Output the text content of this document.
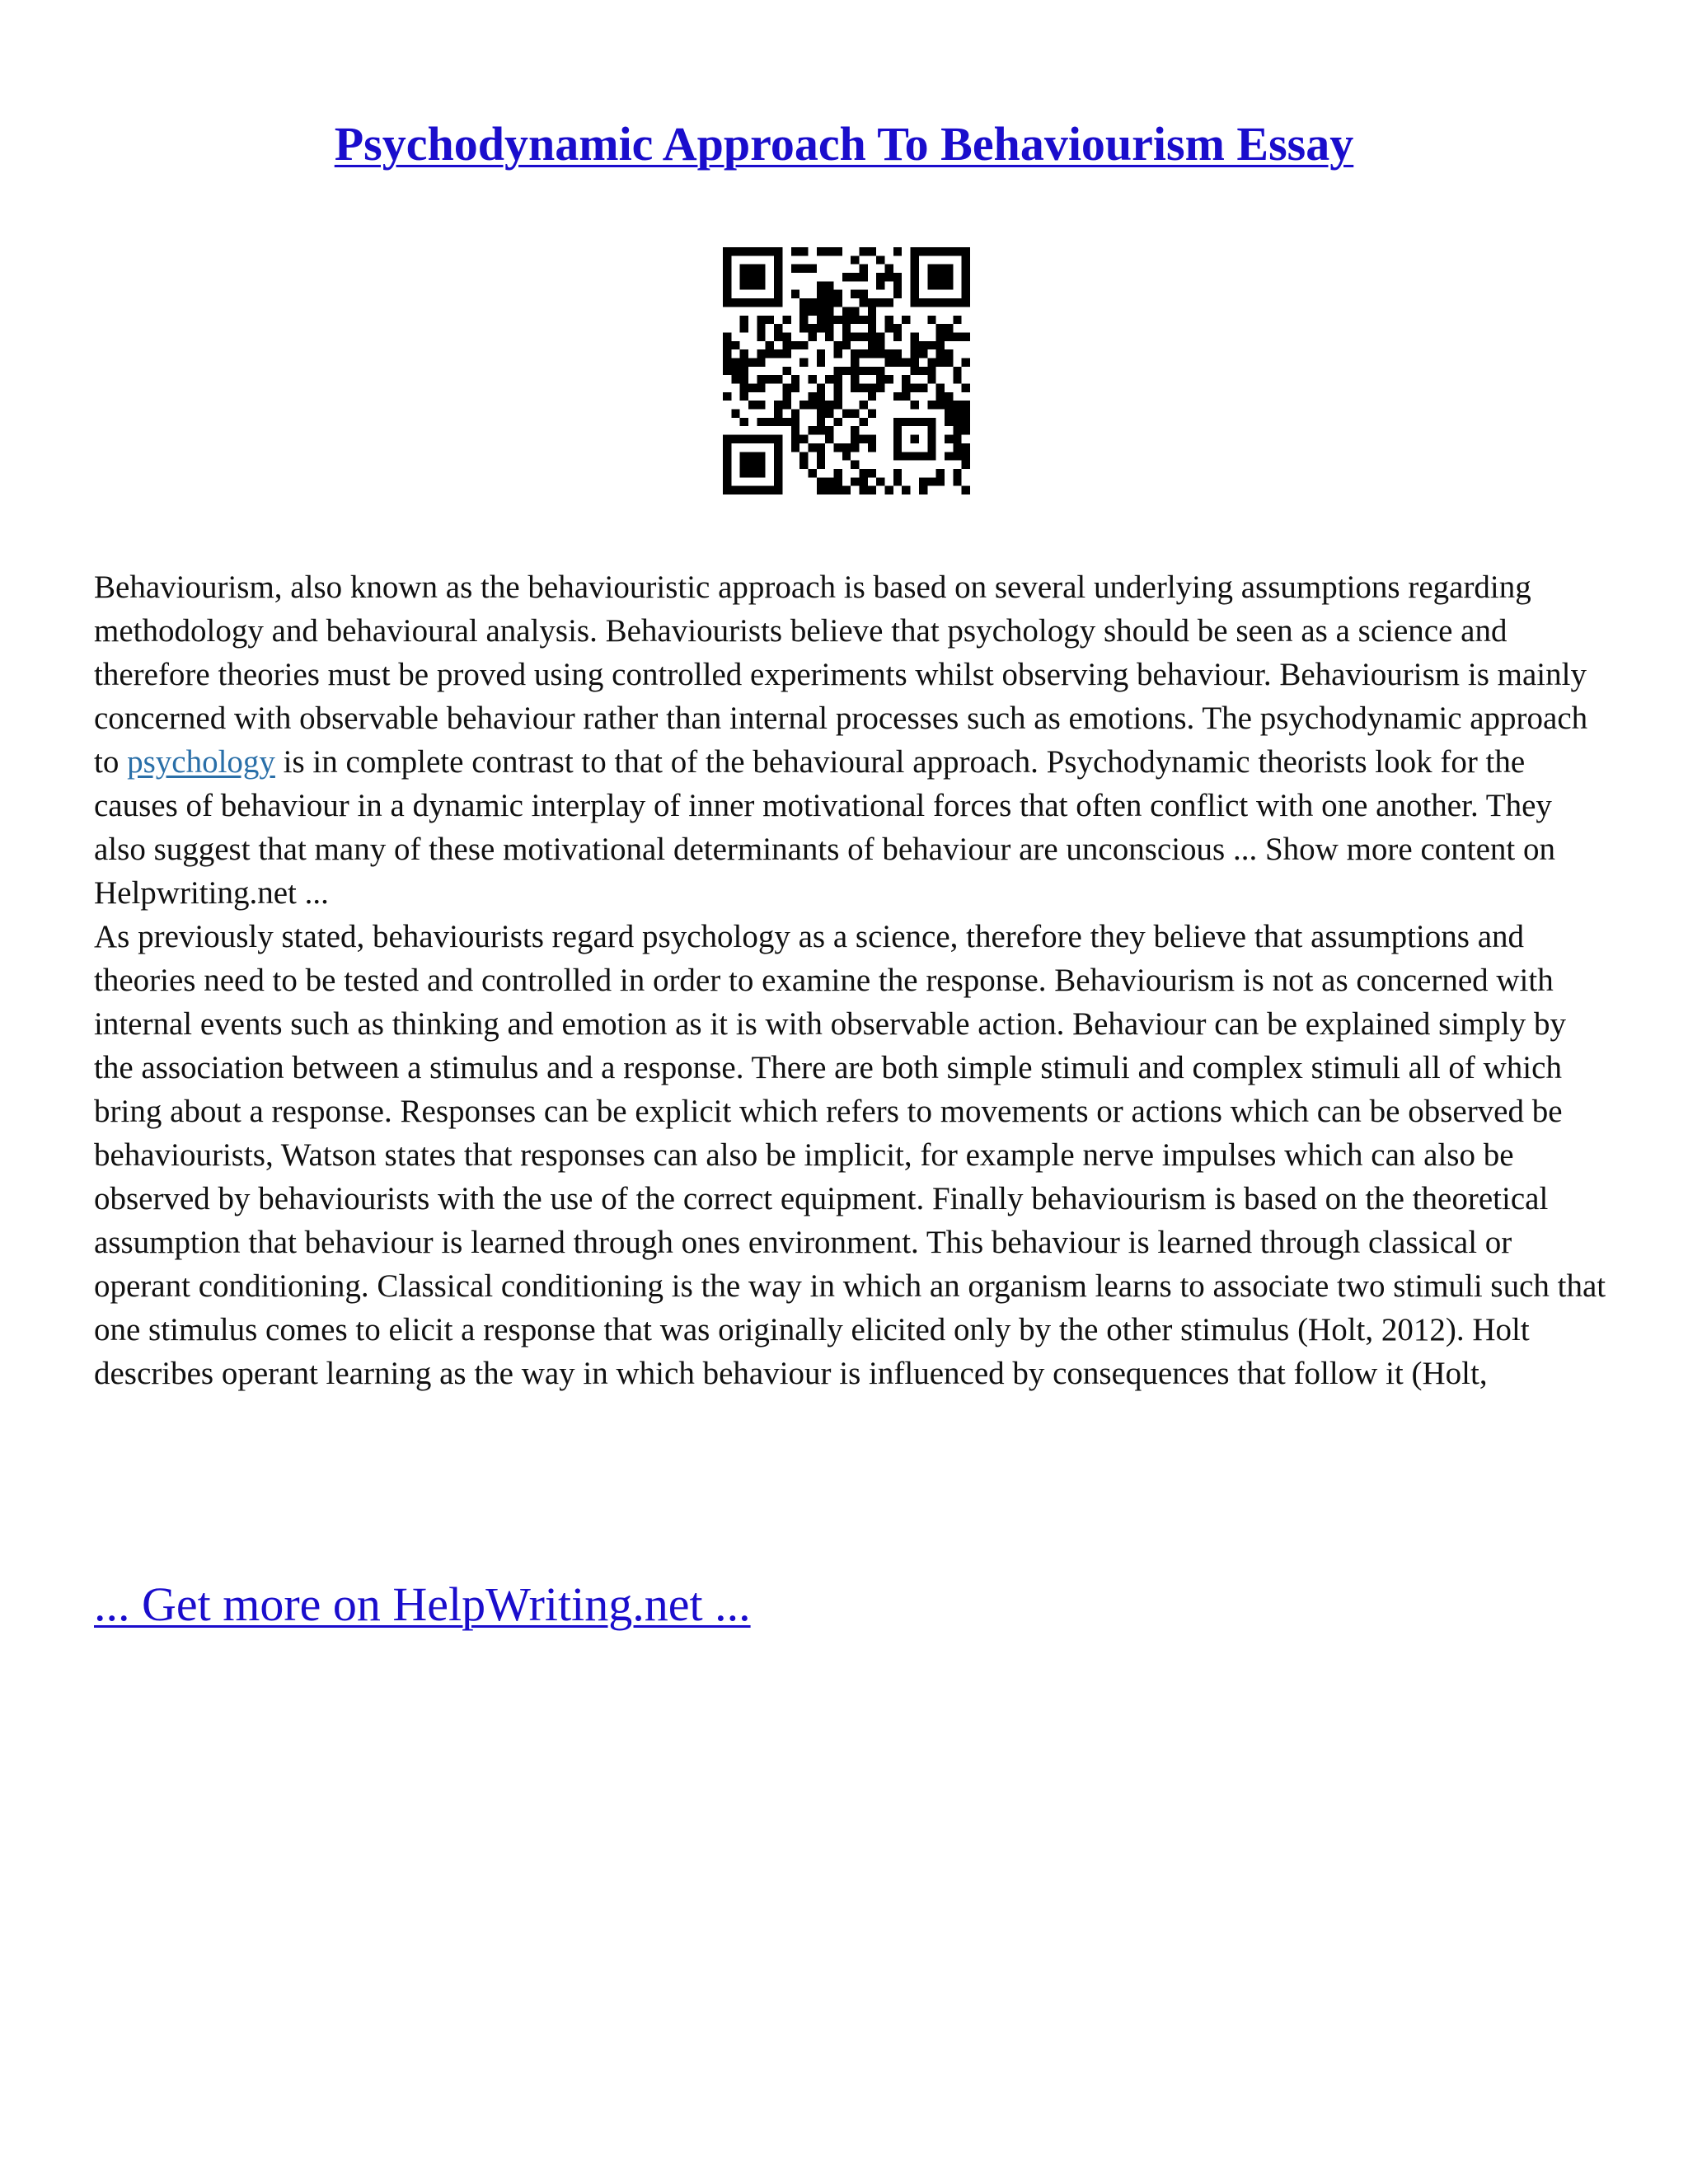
Psychodynamic Approach To Behaviourism Essay

Behaviourism, also known as the behaviouristic approach is based on several underlying assumptions regarding methodology and behavioural analysis. Behaviourists believe that psychology should be seen as a science and therefore theories must be proved using controlled experiments whilst observing behaviour. Behaviourism is mainly concerned with observable behaviour rather than internal processes such as emotions. The psychodynamic approach to psychology is in complete contrast to that of the behavioural approach. Psychodynamic theorists look for the causes of behaviour in a dynamic interplay of inner motivational forces that often conflict with one another. They also suggest that many of these motivational determinants of behaviour are unconscious ... Show more content on Helpwriting.net ...

As previously stated, behaviourists regard psychology as a science, therefore they believe that assumptions and theories need to be tested and controlled in order to examine the response. Behaviourism is not as concerned with internal events such as thinking and emotion as it is with observable action. Behaviour can be explained simply by the association between a stimulus and a response. There are both simple stimuli and complex stimuli all of which bring about a response. Responses can be explicit which refers to movements or actions which can be observed be behaviourists, Watson states that responses can also be implicit, for example nerve impulses which can also be observed by behaviourists with the use of the correct equipment. Finally behaviourism is based on the theoretical assumption that behaviour is learned through ones environment. This behaviour is learned through classical or operant conditioning. Classical conditioning is the way in which an organism learns to associate two stimuli such that one stimulus comes to elicit a response that was originally elicited only by the other stimulus (Holt, 2012). Holt describes operant learning as the way in which behaviour is influenced by consequences that follow it (Holt,

... Get more on HelpWriting.net ...
